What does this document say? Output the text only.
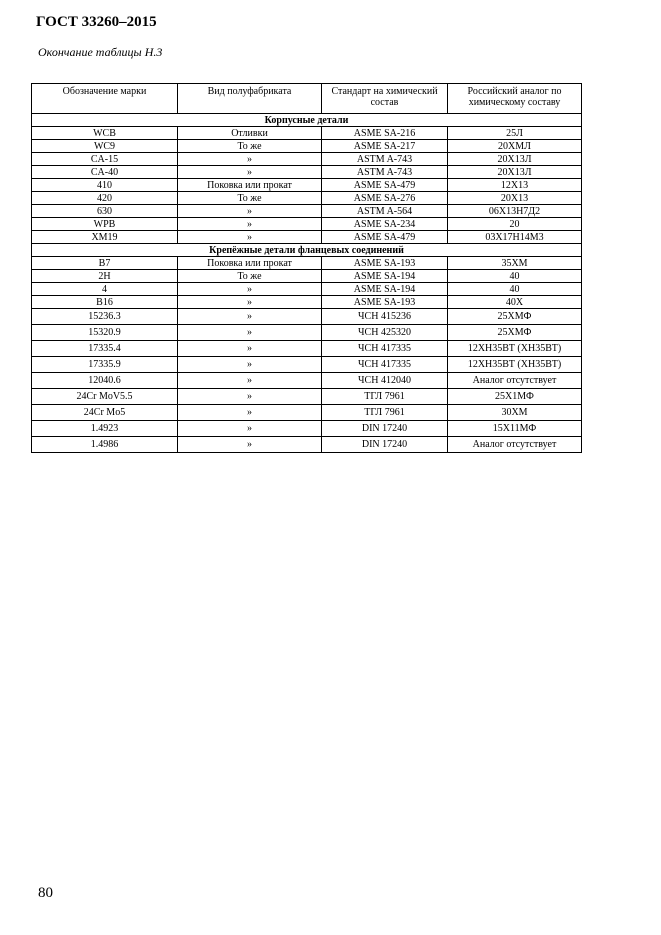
ГОСТ 33260–2015
Окончание таблицы Н.3
Обозначение марки	Вид полуфабриката	Стандарт на химический состав	Российский аналог по химическому составу
Корпусные детали			
WCB	Отливки	ASME SA-216	25Л
WC9	То же	ASME SA-217	20ХМЛ
CA-15	»	ASTM A-743	20Х13Л
CA-40	»	ASTM A-743	20Х13Л
410	Поковка или прокат	ASME SA-479	12Х13
420	То же	ASME SA-276	20Х13
630	»	ASTM A-564	06Х13Н7Д2
WPB	»	ASME SA-234	20
XM19	»	ASME SA-479	03Х17Н14М3
Крепёжные детали фланцевых соединений			
B7	Поковка или прокат	ASME SA-193	35ХМ
2H	То же	ASME SA-194	40
4	»	ASME SA-194	40
B16	»	ASME SA-193	40Х
15236.3	»	ЧСН 415236	25ХМФ
15320.9	»	ЧСН 425320	25ХМФ
17335.4	»	ЧСН 417335	12ХН35ВТ (ХН35ВТ)
17335.9	»	ЧСН 417335	12ХН35ВТ (ХН35ВТ)
12040.6	»	ЧСН 412040	Аналог отсутствует
24Cr MoV5.5	»	ТГЛ 7961	25Х1МФ
24Cr Mo5	»	ТГЛ 7961	30ХМ
1.4923	»	DIN 17240	15Х11МФ
1.4986	»	DIN 17240	Аналог отсутствует
80
